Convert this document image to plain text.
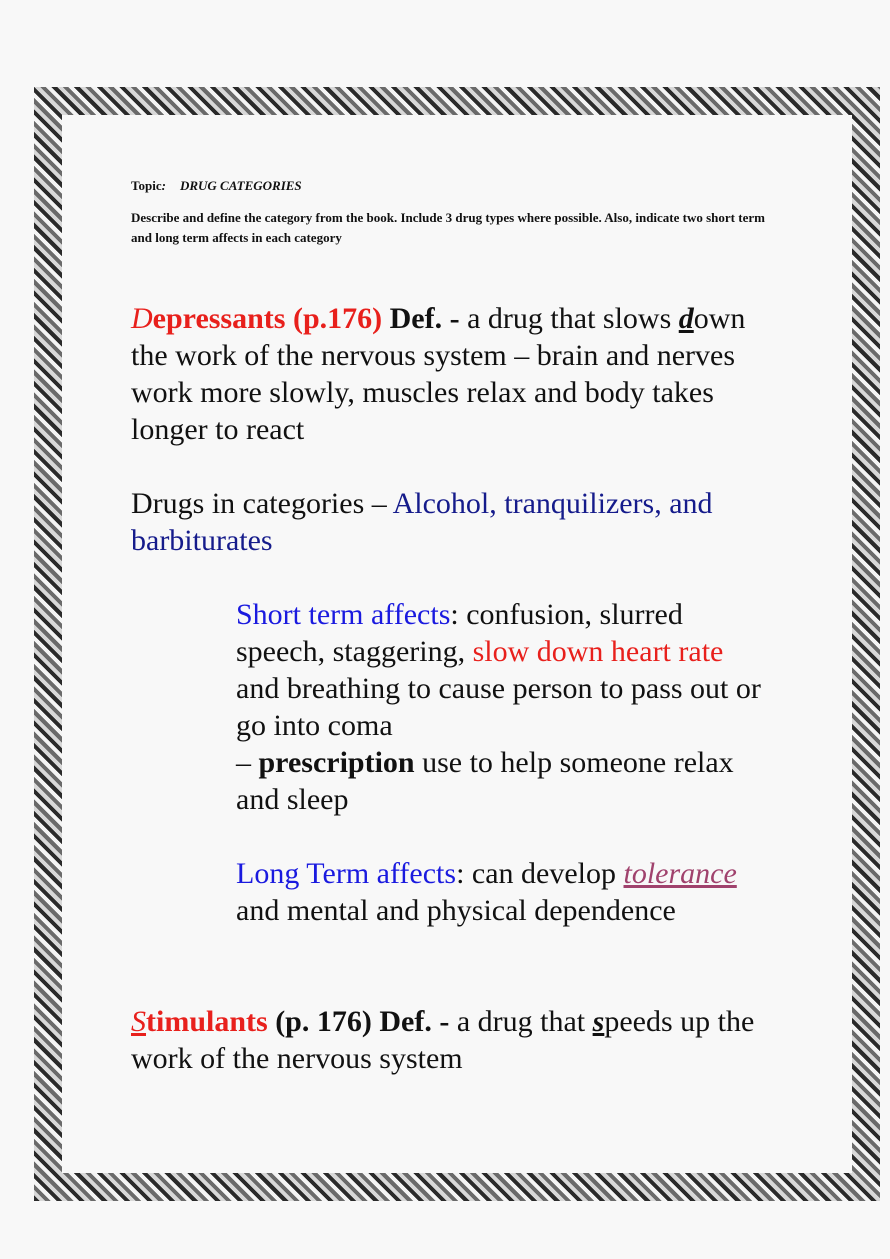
Topic: DRUG CATEGORIES

Describe and define the category from the book. Include 3 drug types where possible. Also, indicate two short term and long term affects in each category

Depressants (p.176) Def. - a drug that slows down the work of the nervous system – brain and nerves work more slowly, muscles relax and body takes longer to react

Drugs in categories – Alcohol, tranquilizers, and barbiturates

Short term affects: confusion, slurred speech, staggering, slow down heart rate and breathing to cause person to pass out or go into coma

– prescription use to help someone relax and sleep

Long Term affects: can develop tolerance and mental and physical dependence

Stimulants (p. 176) Def. - a drug that speeds up the work of the nervous system
